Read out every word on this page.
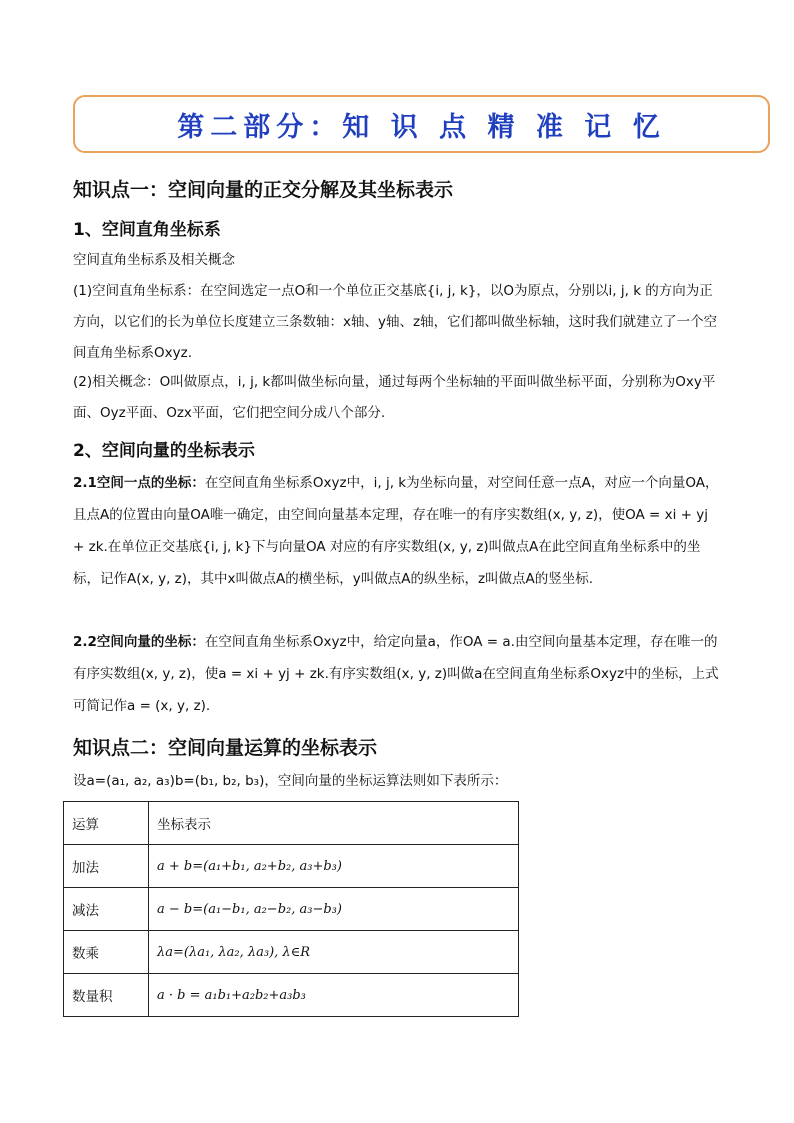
第二部分：知 识 点 精 准 记 忆
知识点一：空间向量的正交分解及其坐标表示
1、空间直角坐标系
空间直角坐标系及相关概念
(1)空间直角坐标系：在空间选定一点O和一个单位正交基底{i, j, k}，以O为原点，分别以i, j, k 的方向为正方向，以它们的长为单位长度建立三条数轴：x轴、y轴、z轴，它们都叫做坐标轴，这时我们就建立了一个空间直角坐标系Oxyz.
(2)相关概念：O叫做原点，i, j, k都叫做坐标向量，通过每两个坐标轴的平面叫做坐标平面，分别称为Oxy平面、Oyz平面、Ozx平面，它们把空间分成八个部分.
2、空间向量的坐标表示
2.1空间一点的坐标：在空间直角坐标系Oxyz中，i, j, k为坐标向量，对空间任意一点A，对应一个向量OA，且点A的位置由向量OA唯一确定，由空间向量基本定理，存在唯一的有序实数组(x, y, z)，使OA = xi + yj + zk.在单位正交基底{i, j, k}下与向量OA 对应的有序实数组(x, y, z)叫做点A在此空间直角坐标系中的坐标，记作A(x, y, z)，其中x叫做点A的横坐标，y叫做点A的纵坐标，z叫做点A的竖坐标.
2.2空间向量的坐标：在空间直角坐标系Oxyz中，给定向量a，作OA = a.由空间向量基本定理，存在唯一的有序实数组(x, y, z)，使a = xi + yj + zk.有序实数组(x, y, z)叫做a在空间直角坐标系Oxyz中的坐标，上式可简记作a = (x, y, z).
知识点二：空间向量运算的坐标表示
设a=(a₁, a₂, a₃)b=(b₁, b₂, b₃)，空间向量的坐标运算法则如下表所示：
运算	坐标表示
加法	a + b=(a₁+b₁, a₂+b₂, a₃+b₃)
减法	a − b=(a₁−b₁, a₂−b₂, a₃−b₃)
数乘	λa=(λa₁, λa₂, λa₃), λ∈R
数量积	a · b = a₁b₁+a₂b₂+a₃b₃
